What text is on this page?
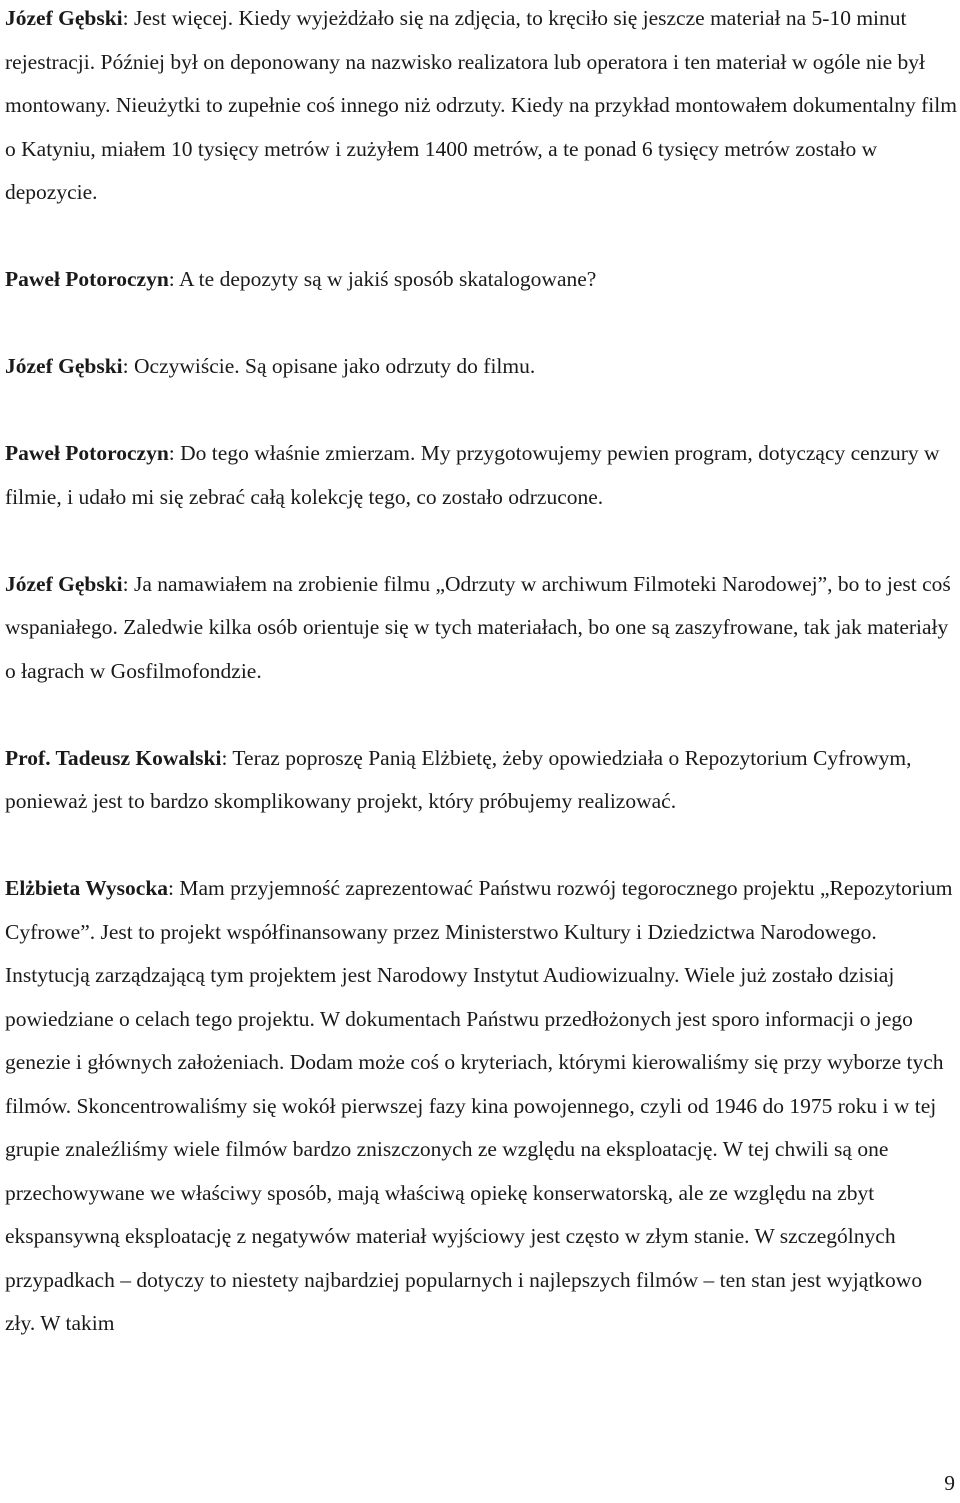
Józef Gębski: Jest więcej. Kiedy wyjeżdżało się na zdjęcia, to kręciło się jeszcze materiał na 5-10 minut rejestracji. Później był on deponowany na nazwisko realizatora lub operatora i ten materiał w ogóle nie był montowany. Nieużytki to zupełnie coś innego niż odrzuty. Kiedy na przykład montowałem dokumentalny film o Katyniu, miałem 10 tysięcy metrów i zużyłem 1400 metrów, a te ponad 6 tysięcy metrów zostało w depozycie.

Paweł Potoroczyn: A te depozyty są w jakiś sposób skatalogowane?

Józef Gębski: Oczywiście. Są opisane jako odrzuty do filmu.

Paweł Potoroczyn: Do tego właśnie zmierzam. My przygotowujemy pewien program, dotyczący cenzury w filmie, i udało mi się zebrać całą kolekcję tego, co zostało odrzucone.

Józef Gębski: Ja namawiałem na zrobienie filmu „Odrzuty w archiwum Filmoteki Narodowej”, bo to jest coś wspaniałego. Zaledwie kilka osób orientuje się w tych materiałach, bo one są zaszyfrowane, tak jak materiały o łagrach w Gosfilmofondzie.

Prof. Tadeusz Kowalski: Teraz poproszę Panią Elżbietę, żeby opowiedziała o Repozytorium Cyfrowym, ponieważ jest to bardzo skomplikowany projekt, który próbujemy realizować.

Elżbieta Wysocka: Mam przyjemność zaprezentować Państwu rozwój tegorocznego projektu „Repozytorium Cyfrowe”. Jest to projekt współfinansowany przez Ministerstwo Kultury i Dziedzictwa Narodowego. Instytucją zarządzającą tym projektem jest Narodowy Instytut Audiowizualny. Wiele już zostało dzisiaj powiedziane o celach tego projektu. W dokumentach Państwu przedłożonych jest sporo informacji o jego genezie i głównych założeniach. Dodam może coś o kryteriach, którymi kierowaliśmy się przy wyborze tych filmów. Skoncentrowaliśmy się wokół pierwszej fazy kina powojennego, czyli od 1946 do 1975 roku i w tej grupie znaleźliśmy wiele filmów bardzo zniszczonych ze względu na eksploatację. W tej chwili są one przechowywane we właściwy sposób, mają właściwą opiekę konserwatorską, ale ze względu na zbyt ekspansywną eksploatację z negatywów materiał wyjściowy jest często w złym stanie. W szczególnych przypadkach – dotyczy to niestety najbardziej popularnych i najlepszych filmów – ten stan jest wyjątkowo zły. W takim

9
